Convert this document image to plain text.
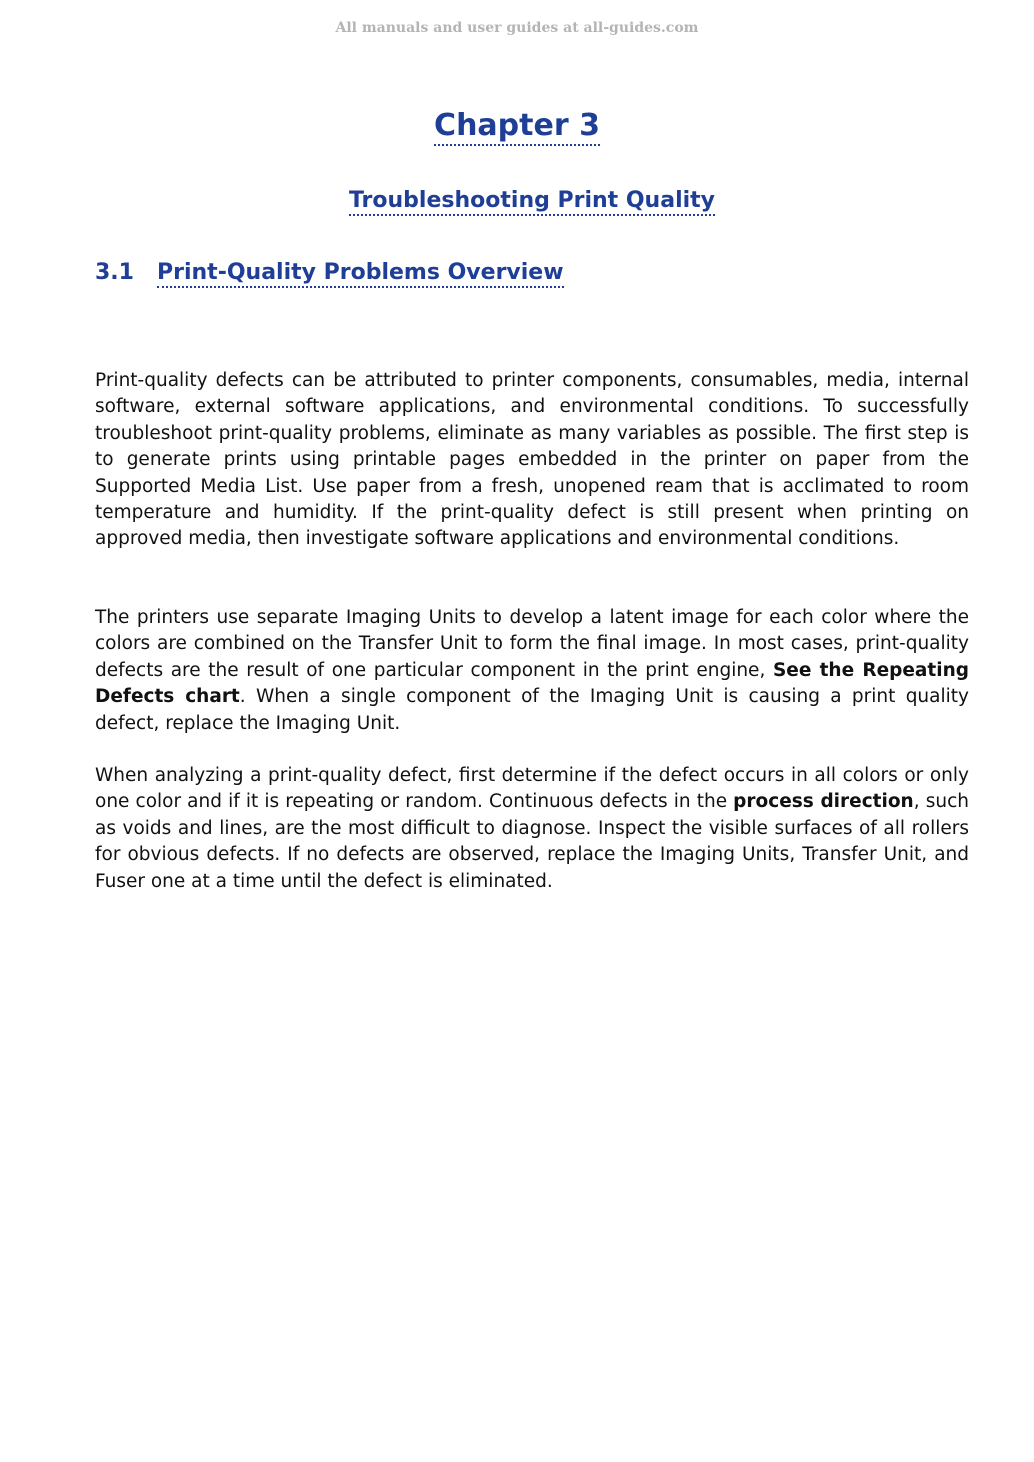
All manuals and user guides at all-guides.com
Chapter 3
Troubleshooting Print Quality
3.1 Print-Quality Problems Overview
Print-quality defects can be attributed to printer components, consumables, media, internal software, external software applications, and environmental conditions. To successfully troubleshoot print-quality problems, eliminate as many variables as possible. The first step is to generate prints using printable pages embedded in the printer on paper from the Supported Media List. Use paper from a fresh, unopened ream that is acclimated to room temperature and humidity. If the print-quality defect is still present when printing on approved media, then investigate software applications and environmental conditions.
The printers use separate Imaging Units to develop a latent image for each color where the colors are combined on the Transfer Unit to form the final image. In most cases, print-quality defects are the result of one particular component in the print engine, See the Repeating Defects chart. When a single component of the Imaging Unit is causing a print quality defect, replace the Imaging Unit.
When analyzing a print-quality defect, first determine if the defect occurs in all colors or only one color and if it is repeating or random. Continuous defects in the process direction, such as voids and lines, are the most difficult to diagnose. Inspect the visible surfaces of all rollers for obvious defects. If no defects are observed, replace the Imaging Units, Transfer Unit, and Fuser one at a time until the defect is eliminated.
